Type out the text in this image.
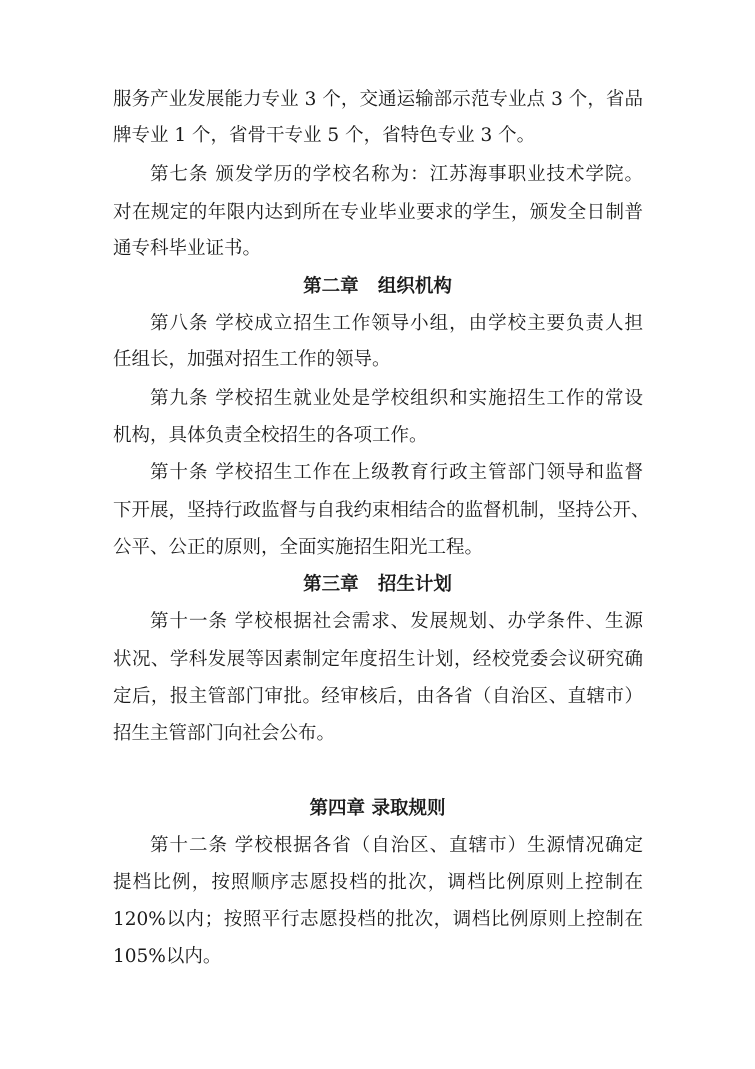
服务产业发展能力专业 3 个，交通运输部示范专业点 3 个，省品
牌专业 1 个，省骨干专业 5 个，省特色专业 3 个。
第七条 颁发学历的学校名称为：江苏海事职业技术学院。
对在规定的年限内达到所在专业毕业要求的学生，颁发全日制普
通专科毕业证书。
第二章   组织机构
第八条 学校成立招生工作领导小组，由学校主要负责人担
任组长，加强对招生工作的领导。
第九条 学校招生就业处是学校组织和实施招生工作的常设
机构，具体负责全校招生的各项工作。
第十条 学校招生工作在上级教育行政主管部门领导和监督
下开展，坚持行政监督与自我约束相结合的监督机制，坚持公开、
公平、公正的原则，全面实施招生阳光工程。
第三章   招生计划
第十一条 学校根据社会需求、发展规划、办学条件、生源
状况、学科发展等因素制定年度招生计划，经校党委会议研究确
定后，报主管部门审批。经审核后，由各省（自治区、直辖市）
招生主管部门向社会公布。
第四章 录取规则
第十二条 学校根据各省（自治区、直辖市）生源情况确定
提档比例，按照顺序志愿投档的批次，调档比例原则上控制在
120%以内；按照平行志愿投档的批次，调档比例原则上控制在
105%以内。
